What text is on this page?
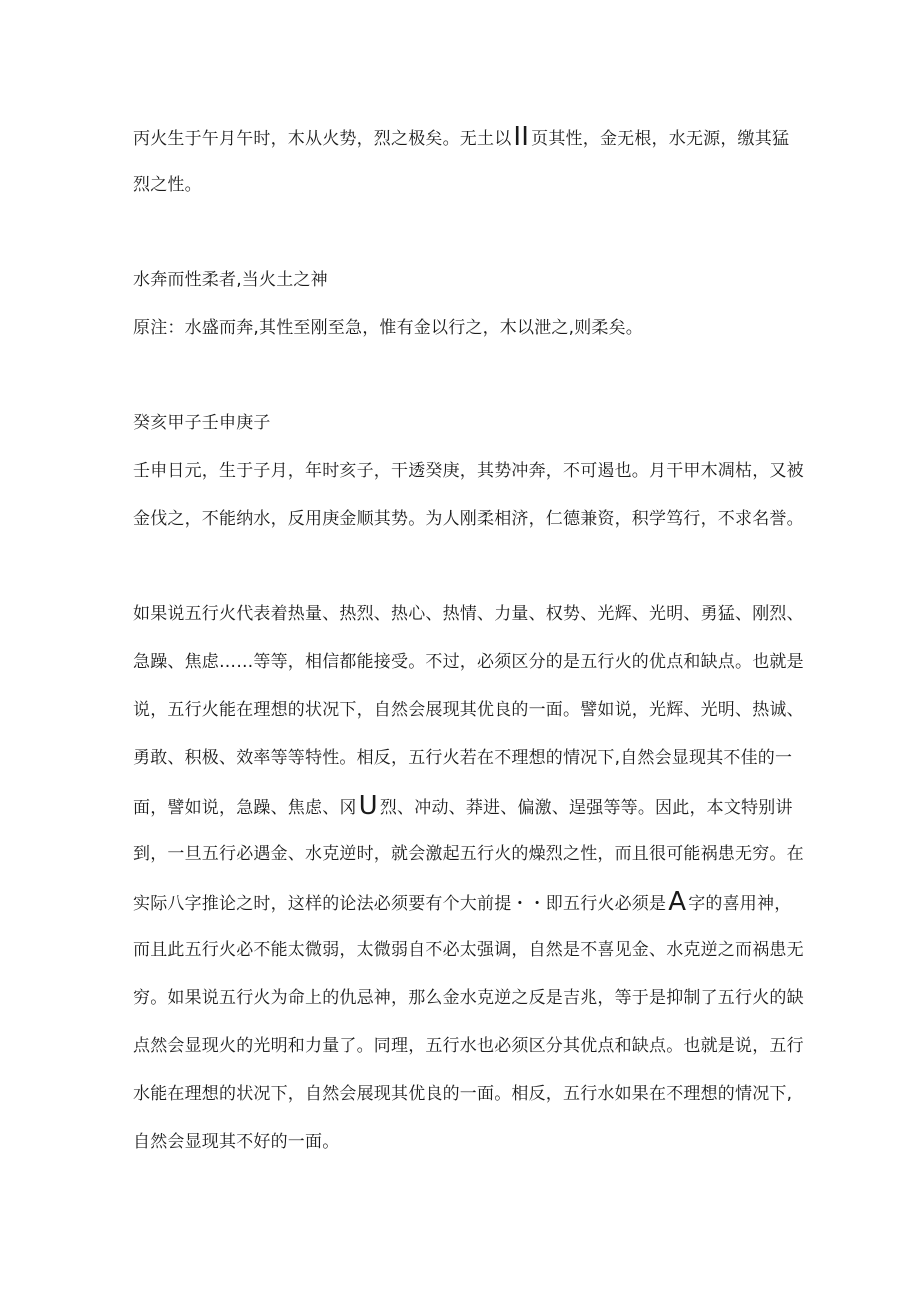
丙火生于午月午时，木从火势，烈之极矣。无土以II 页其性，金无根，水无源，缴其猛
烈之性。
水奔而性柔者,当火土之神
原注：水盛而奔,其性至刚至急，惟有金以行之，木以泄之,则柔矣。
癸亥甲子壬申庚子
壬申日元，生于子月，年时亥子，干透癸庚，其势冲奔，不可遏也。月干甲木凋枯，又被
金伐之，不能纳水，反用庚金顺其势。为人刚柔相济，仁德兼资，积学笃行，不求名誉。
如果说五行火代表着热量、热烈、热心、热情、力量、权势、光辉、光明、勇猛、刚烈、
急躁、焦虑……等等，相信都能接受。不过，必须区分的是五行火的优点和缺点。也就是
说，五行火能在理想的状况下，自然会展现其优良的一面。譬如说，光辉、光明、热诚、
勇敢、积极、效率等等特性。相反，五行火若在不理想的情况下,自然会显现其不佳的一
面，譬如说，急躁、焦虑、冈U 烈、冲动、莽进、偏激、逞强等等。因此，本文特别讲
到，一旦五行必遇金、水克逆时，就会激起五行火的燥烈之性，而且很可能祸患无穷。在
实际八字推论之时，这样的论法必须要有个大前提・・即五行火必须是A 字的喜用神，
而且此五行火必不能太微弱，太微弱自不必太强调，自然是不喜见金、水克逆之而祸患无
穷。如果说五行火为命上的仇忌神，那么金水克逆之反是吉兆，等于是抑制了五行火的缺
点然会显现火的光明和力量了。同理，五行水也必须区分其优点和缺点。也就是说，五行
水能在理想的状况下，自然会展现其优良的一面。相反，五行水如果在不理想的情况下,
自然会显现其不好的一面。
